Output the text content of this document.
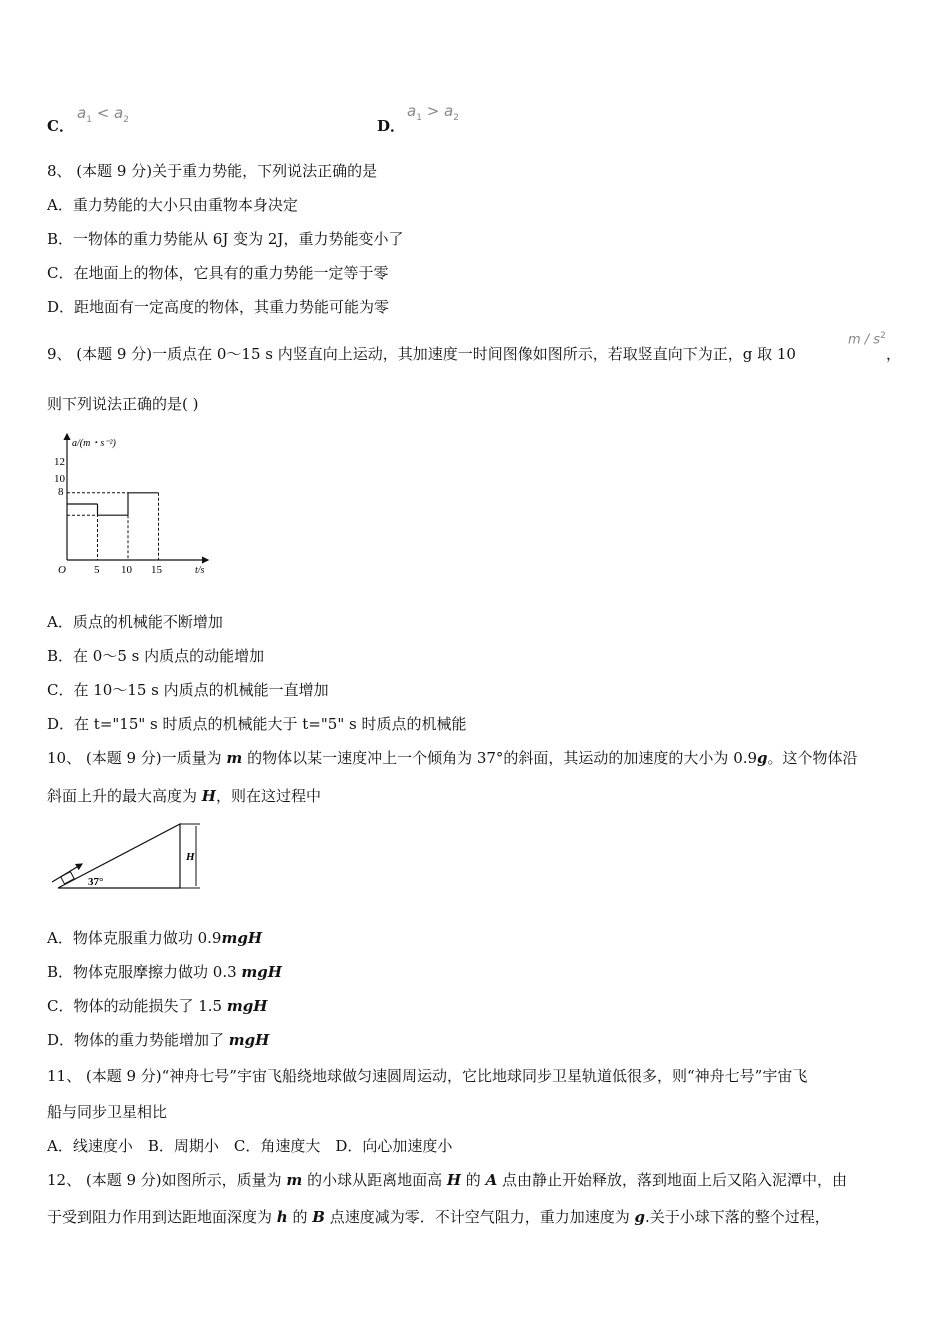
C．
$a_1 < a_2$	D．
$a_1 > a_2$
8、 (本题 9 分)关于重力势能，下列说法正确的是
A．重力势能的大小只由重物本身决定
B．一物体的重力势能从 6J 变为 2J，重力势能变小了
C．在地面上的物体，它具有的重力势能一定等于零
D．距地面有一定高度的物体，其重力势能可能为零
9、 (本题 9 分)一质点在 0～15 s 内竖直向上运动，其加速度一时间图像如图所示，若取竖直向下为正，g 取 10
m / $s^2$
，
则下列说法正确的是( )
a/(m・s⁻²)
12
10
8
O	5 10 15	t/s
A．质点的机械能不断增加
B．在 0～5 s 内质点的动能增加
C．在 10～15 s 内质点的机械能一直增加
D．在 t="15" s 时质点的机械能大于 t="5" s 时质点的机械能
10、 (本题 9 分)一质量为 m 的物体以某一速度冲上一个倾角为 37°的斜面，其运动的加速度的大小为 0.9g。这个物体沿
斜面上升的最大高度为 H，则在这过程中
H
37°
A．物体克服重力做功 0.9mgH
B．物体克服摩擦力做功 0.3 mgH
C．物体的动能损失了 1.5 mgH
D．物体的重力势能增加了 mgH
11、 (本题 9 分)“神舟七号”宇宙飞船绕地球做匀速圆周运动，它比地球同步卫星轨道低很多，则“神舟七号”宇宙飞
船与同步卫星相比
A．线速度小　B．周期小　C．角速度大　D．向心加速度小
12、 (本题 9 分)如图所示，质量为 m 的小球从距离地面高 H 的 A 点由静止开始释放，落到地面上后又陷入泥潭中，由
于受到阻力作用到达距地面深度为 h 的 B 点速度减为零．不计空气阻力，重力加速度为 g.关于小球下落的整个过程，
